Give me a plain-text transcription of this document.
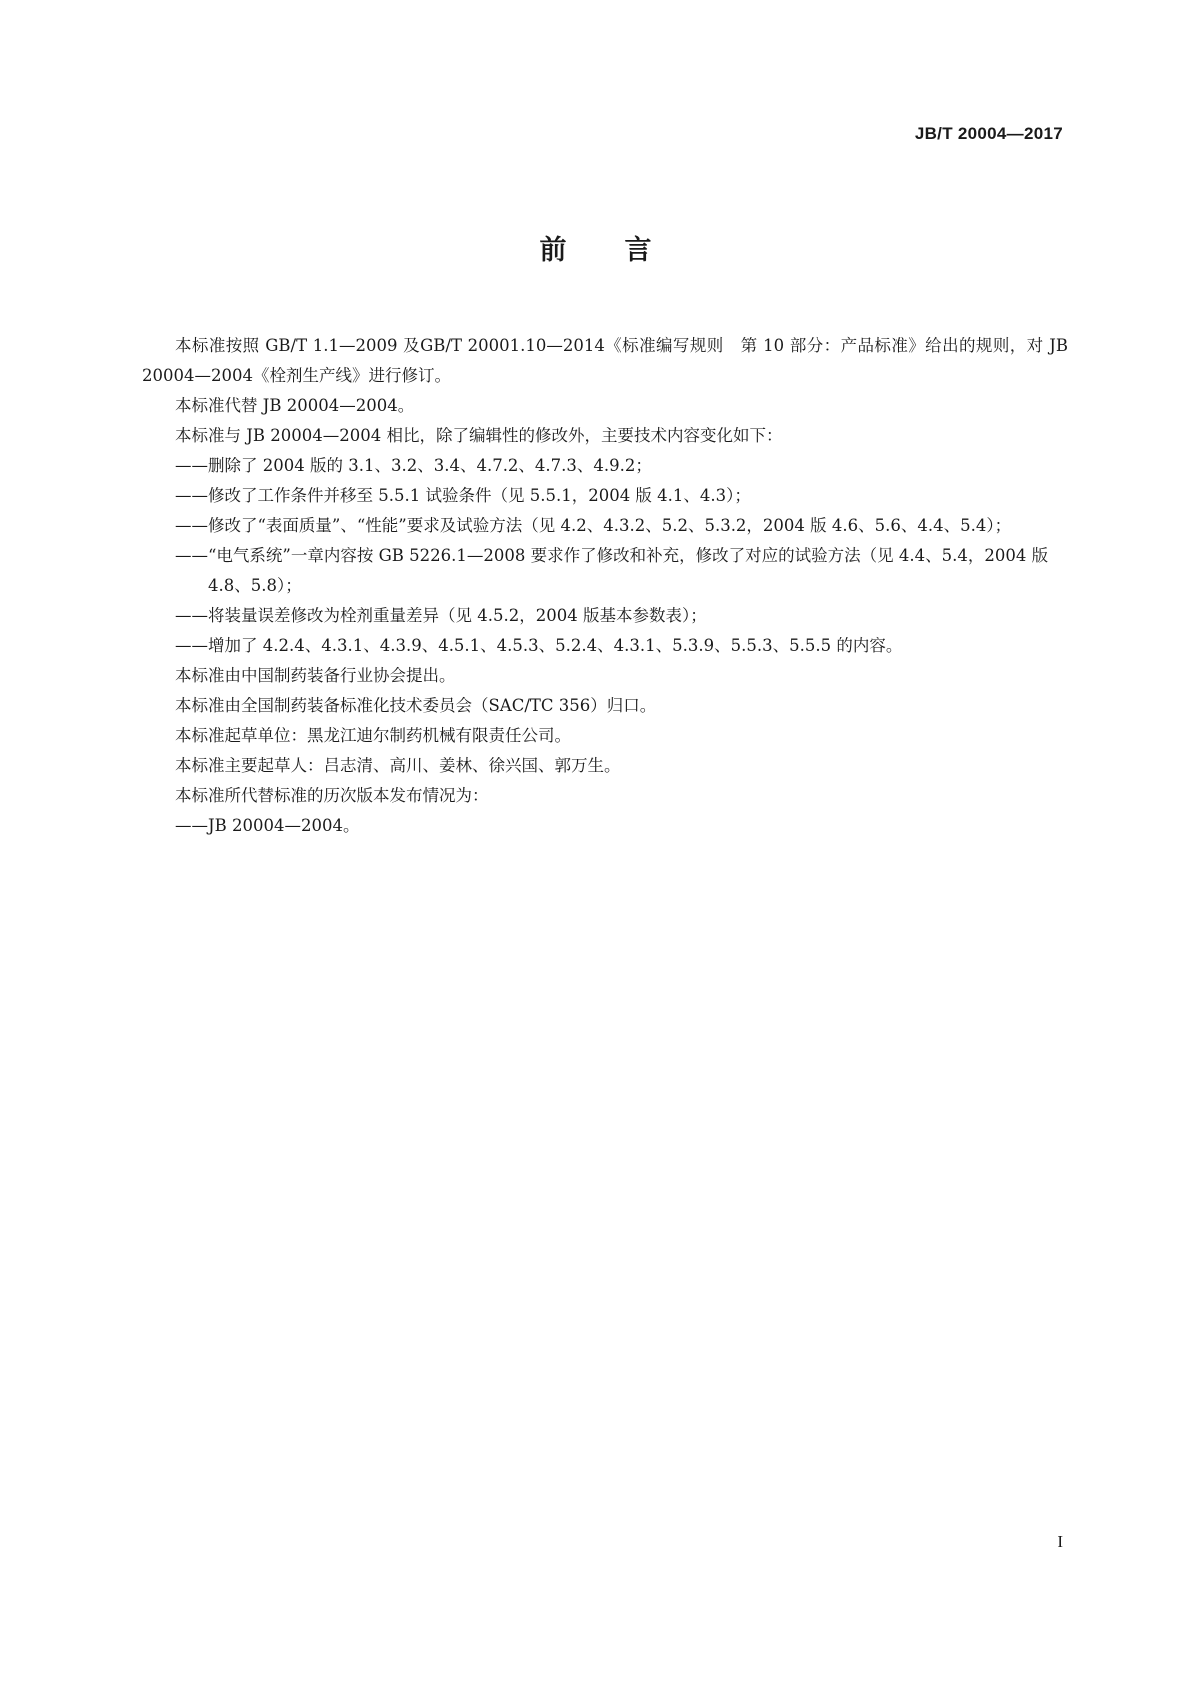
JB/T 20004—2017
前 言

本标准按照 GB/T 1.1—2009 及GB/T 20001.10—2014《标准编写规则　第 10 部分：产品标准》给出的规则，对 JB 20004—2004《栓剂生产线》进行修订。

本标准代替 JB 20004—2004。

本标准与 JB 20004—2004 相比，除了编辑性的修改外，主要技术内容变化如下：

—— 删除了 2004 版的 3.1、3.2、3.4、4.7.2、4.7.3、4.9.2；
—— 修改了工作条件并移至 5.5.1 试验条件（见 5.5.1，2004 版 4.1、4.3）；
—— 修改了“表面质量”、“性能”要求及试验方法（见 4.2、4.3.2、5.2、5.3.2，2004 版 4.6、5.6、4.4、5.4）；
—— “电气系统”一章内容按 GB 5226.1—2008 要求作了修改和补充，修改了对应的试验方法（见 4.4、5.4，2004 版 4.8、5.8）；
—— 将装量误差修改为栓剂重量差异（见 4.5.2，2004 版基本参数表）；
—— 增加了 4.2.4、4.3.1、4.3.9、4.5.1、4.5.3、5.2.4、4.3.1、5.3.9、5.5.3、5.5.5 的内容。

本标准由中国制药装备行业协会提出。

本标准由全国制药装备标准化技术委员会（SAC/TC 356）归口。

本标准起草单位：黑龙江迪尔制药机械有限责任公司。

本标准主要起草人：吕志清、高川、姜林、徐兴国、郭万生。

本标准所代替标准的历次版本发布情况为：

——JB 20004—2004。

I
